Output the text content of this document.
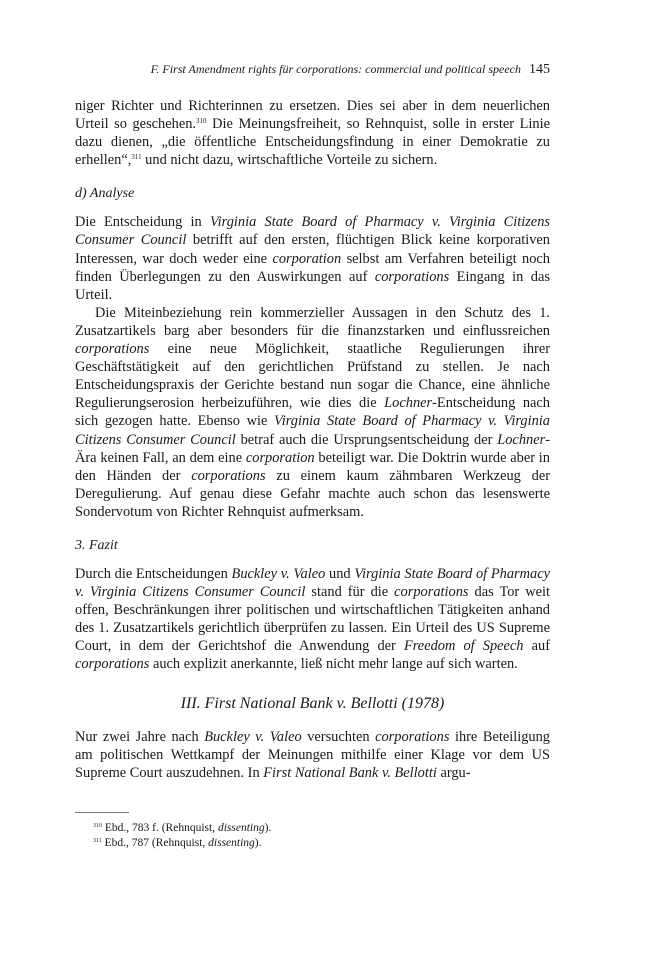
F. First Amendment rights für corporations: commercial und political speech 145

niger Richter und Richterinnen zu ersetzen. Dies sei aber in dem neuerlichen Urteil so geschehen.$^{310}$ Die Meinungsfreiheit, so Rehnquist, solle in erster Linie dazu dienen, „die öffentliche Entscheidungsfindung in einer Demokratie zu erhellen“,$^{311}$ und nicht dazu, wirtschaftliche Vorteile zu sichern.

d) Analyse

Die Entscheidung in Virginia State Board of Pharmacy v. Virginia Citizens Consumer Council betrifft auf den ersten, flüchtigen Blick keine korporativen Interessen, war doch weder eine corporation selbst am Verfahren beteiligt noch finden Überlegungen zu den Auswirkungen auf corporations Eingang in das Urteil.

Die Miteinbeziehung rein kommerzieller Aussagen in den Schutz des 1. Zusatzartikels barg aber besonders für die finanzstarken und einflussreichen corporations eine neue Möglichkeit, staatliche Regulierungen ihrer Geschäftstätigkeit auf den gerichtlichen Prüfstand zu stellen. Je nach Entscheidungspraxis der Gerichte bestand nun sogar die Chance, eine ähnliche Regulierungserosion herbeizuführen, wie dies die Lochner-Entscheidung nach sich gezogen hatte. Ebenso wie Virginia State Board of Pharmacy v. Virginia Citizens Consumer Council betraf auch die Ursprungsentscheidung der Lochner-Ära keinen Fall, an dem eine corporation beteiligt war. Die Doktrin wurde aber in den Händen der corporations zu einem kaum zähmbaren Werkzeug der Deregulierung. Auf genau diese Gefahr machte auch schon das lesenswerte Sondervotum von Richter Rehnquist aufmerksam.

3. Fazit

Durch die Entscheidungen Buckley v. Valeo und Virginia State Board of Pharmacy v. Virginia Citizens Consumer Council stand für die corporations das Tor weit offen, Beschränkungen ihrer politischen und wirtschaftlichen Tätigkeiten anhand des 1. Zusatzartikels gerichtlich überprüfen zu lassen. Ein Urteil des US Supreme Court, in dem der Gerichtshof die Anwendung der Freedom of Speech auf corporations auch explizit anerkannte, ließ nicht mehr lange auf sich warten.

III. First National Bank v. Bellotti (1978)

Nur zwei Jahre nach Buckley v. Valeo versuchten corporations ihre Beteiligung am politischen Wettkampf der Meinungen mithilfe einer Klage vor dem US Supreme Court auszudehnen. In First National Bank v. Bellotti argu-

$^{310}$ Ebd., 783 f. (Rehnquist, dissenting).
$^{311}$ Ebd., 787 (Rehnquist, dissenting).
